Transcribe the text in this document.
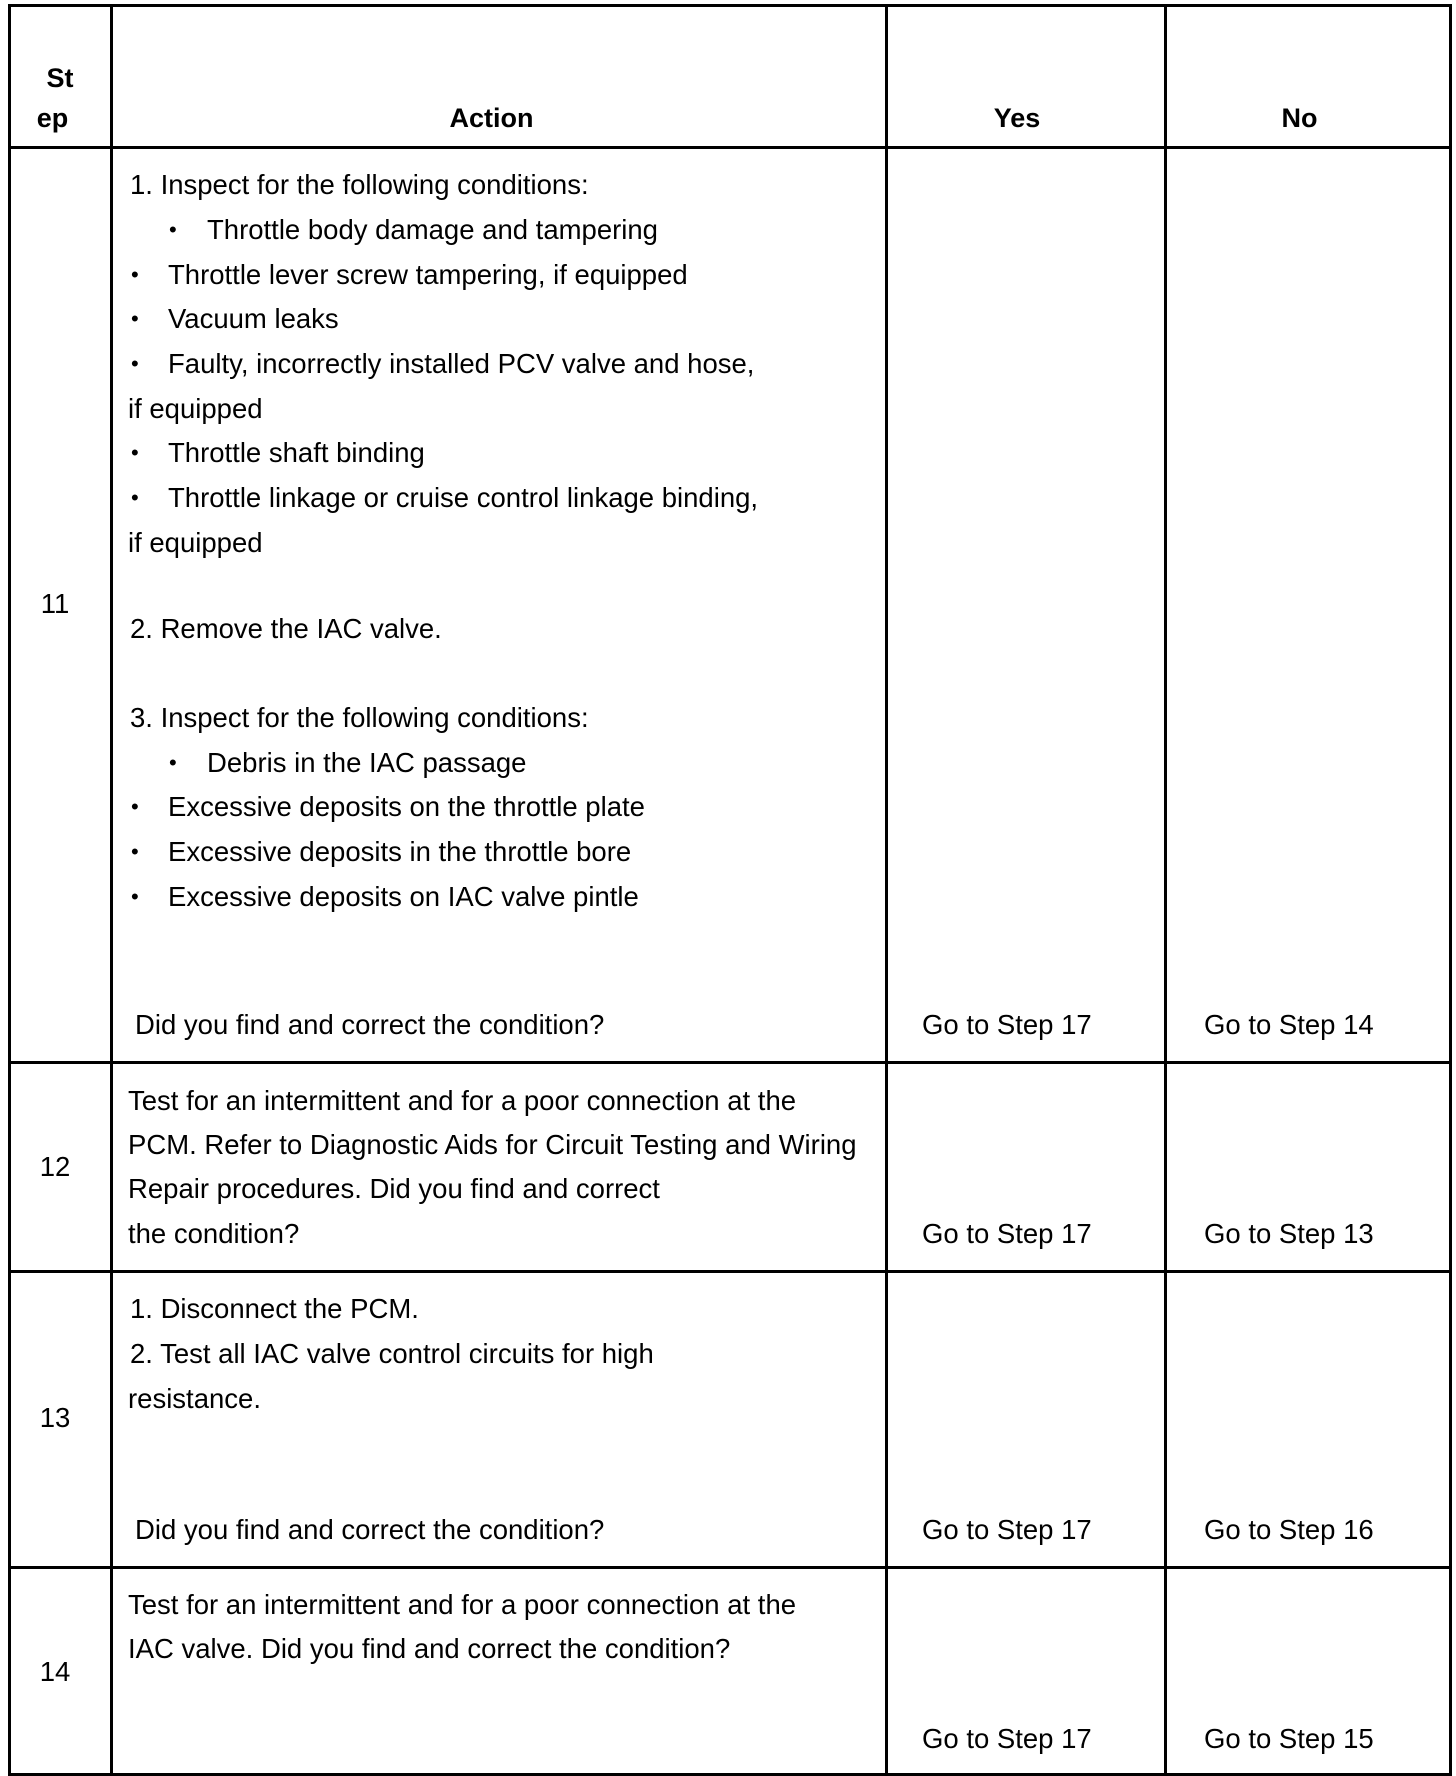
St
ep	Action	Yes	No
11
1. Inspect for the following conditions:
• Throttle body damage and tampering
• Throttle lever screw tampering, if equipped
• Vacuum leaks
• Faulty, incorrectly installed PCV valve and hose,
if equipped
• Throttle shaft binding
• Throttle linkage or cruise control linkage binding,
if equipped
2. Remove the IAC valve.
3. Inspect for the following conditions:
• Debris in the IAC passage
• Excessive deposits on the throttle plate
• Excessive deposits in the throttle bore
• Excessive deposits on IAC valve pintle
Did you find and correct the condition?	Go to Step 17	Go to Step 14
12
Test for an intermittent and for a poor connection at the
PCM. Refer to Diagnostic Aids for Circuit Testing and Wiring
Repair procedures. Did you find and correct
the condition?	Go to Step 17	Go to Step 13
13
1. Disconnect the PCM.
2. Test all IAC valve control circuits for high
resistance.
Did you find and correct the condition?	Go to Step 17	Go to Step 16
14
Test for an intermittent and for a poor connection at the
IAC valve. Did you find and correct the condition?
Go to Step 17	Go to Step 15
